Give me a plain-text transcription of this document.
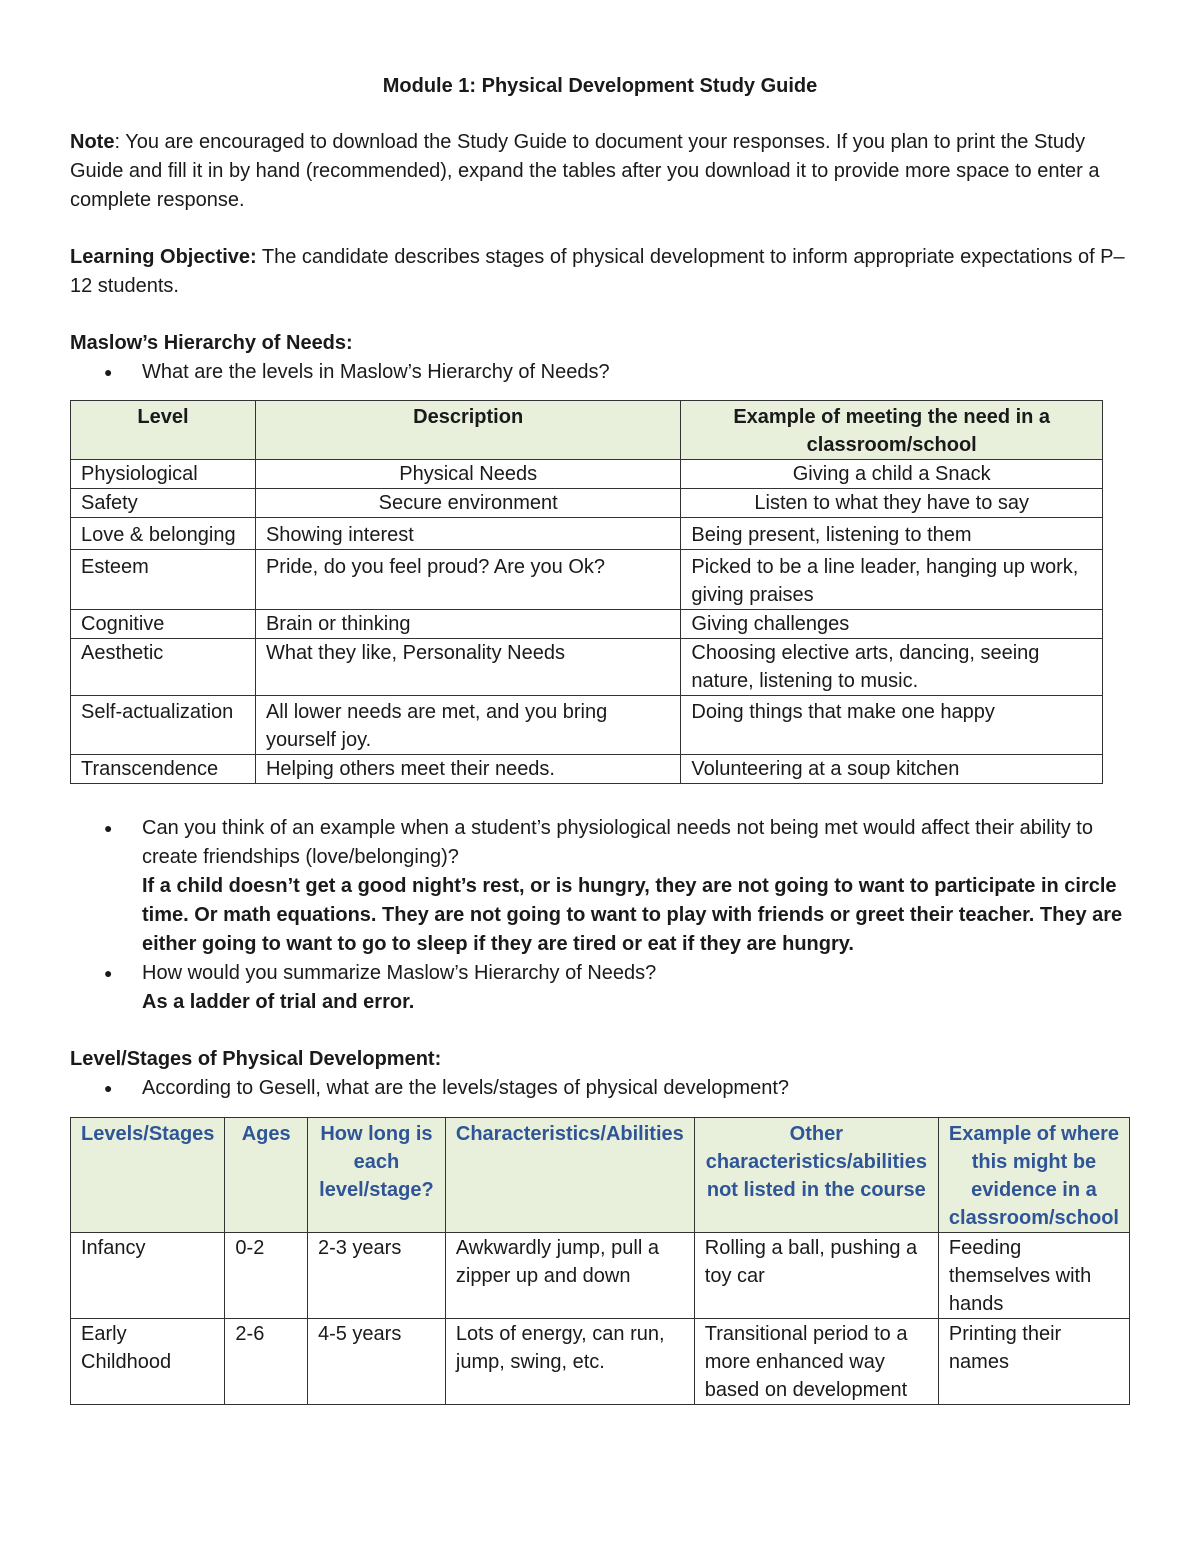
Module 1: Physical Development Study Guide

Note: You are encouraged to download the Study Guide to document your responses. If you plan to print the Study Guide and fill it in by hand (recommended), expand the tables after you download it to provide more space to enter a complete response.

Learning Objective: The candidate describes stages of physical development to inform appropriate expectations of P–12 students.

Maslow’s Hierarchy of Needs:

● What are the levels in Maslow’s Hierarchy of Needs?
Level	Description	Example of meeting the need in a classroom/school
Physiological	Physical Needs	Giving a child a Snack
Safety	Secure environment	Listen to what they have to say
Love & belonging	Showing interest	Being present, listening to them
Esteem	Pride, do you feel proud? Are you Ok?	Picked to be a line leader, hanging up work, giving praises
Cognitive	Brain or thinking	Giving challenges
Aesthetic	What they like, Personality Needs	Choosing elective arts, dancing, seeing nature, listening to music.
Self-actualization	All lower needs are met, and you bring yourself joy.	Doing things that make one happy
Transcendence	Helping others meet their needs.	Volunteering at a soup kitchen
● Can you think of an example when a student’s physiological needs not being met would affect their ability to create friendships (love/belonging)?
If a child doesn’t get a good night’s rest, or is hungry, they are not going to want to participate in circle time. Or math equations. They are not going to want to play with friends or greet their teacher. They are either going to want to go to sleep if they are tired or eat if they are hungry.
● How would you summarize Maslow’s Hierarchy of Needs?
As a ladder of trial and error.

Level/Stages of Physical Development:

● According to Gesell, what are the levels/stages of physical development?
Levels/Stages	Ages	How long is each level/stage?	Characteristics/Abilities	Other characteristics/abilities not listed in the course	Example of where this might be evidence in a classroom/school
Infancy	0-2	2-3 years	Awkwardly jump, pull a zipper up and down	Rolling a ball, pushing a toy car	Feeding themselves with hands
Early Childhood	2-6	4-5 years	Lots of energy, can run, jump, swing, etc.	Transitional period to a more enhanced way based on development	Printing their names
